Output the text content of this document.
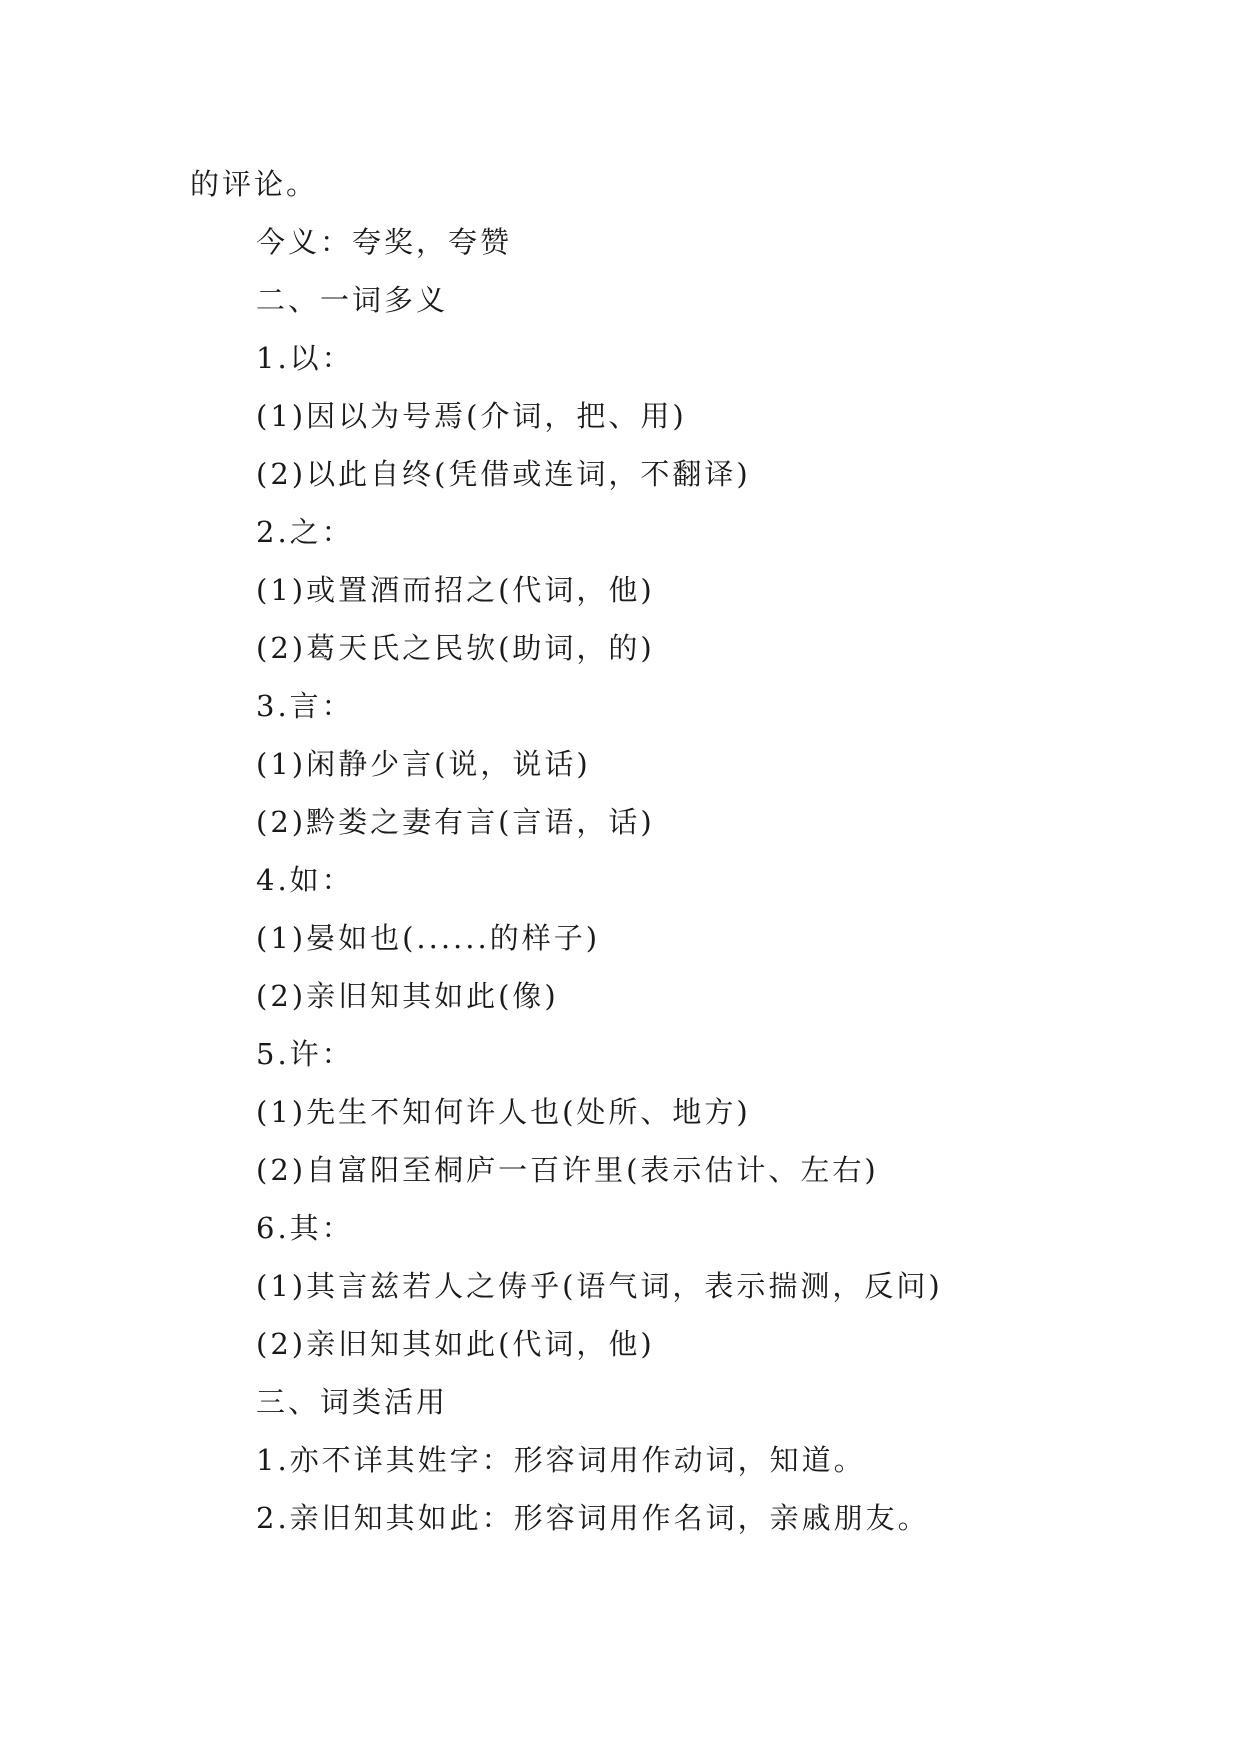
的评论。
今义：夸奖，夸赞
二、一词多义
1.以：
(1)因以为号焉(介词，把、用)
(2)以此自终(凭借或连词，不翻译)
2.之：
(1)或置酒而招之(代词，他)
(2)葛天氏之民欤(助词，的)
3.言：
(1)闲静少言(说，说话)
(2)黔娄之妻有言(言语，话)
4.如：
(1)晏如也(......的样子)
(2)亲旧知其如此(像)
5.许：
(1)先生不知何许人也(处所、地方)
(2)自富阳至桐庐一百许里(表示估计、左右)
6.其：
(1)其言兹若人之俦乎(语气词，表示揣测，反问)
(2)亲旧知其如此(代词，他)
三、词类活用
1.亦不详其姓字：形容词用作动词，知道。
2.亲旧知其如此：形容词用作名词，亲戚朋友。
